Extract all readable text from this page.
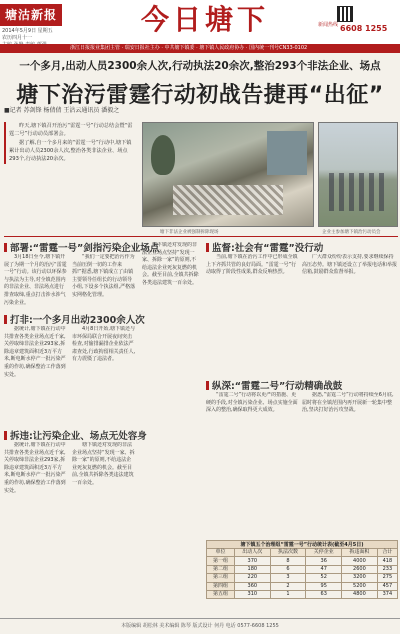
塘沽新报
2014年5月9日 星期五
农历四月十一
今日塘下	新闻热线 6608 1255
浙江日报报业集团主管 · 瑞安日报社主办 · 中共塘下镇委 · 塘下镇人民政府协办 · 国内统一刊号CN33-0102
一个多月,出动人员2300余人次,行动执法20余次,整治293个非法企业、场点
塘下治污雷霆行动初战告捷再“出征”
■记者 苏剑锋 杨倩倩 王沾云通讯员 潘毅之

昨天,塘下镇召开治污“雷霆一号”行动总结会暨“雷霆二号”行动动员部署会。

据了解,自一个多月来的“雷霆一号”行动中,塘下镇累计出动人员2300余人次,整治各类非法企业、场点293个,行动执法20余次。

塘下非法企业被强制拆除现场	企业主参加塘下镇治污动员会
部署:“雷霆一号”剑指污染企业场点

3月18日至今,塘下镇开展了为期一个月的治污“雷霆一号”行动。该行动以环保参与执法为主导,对全镇范围内的非法企业、非法场点进行排查取缔,重点打击涉水涉气污染企业。

“我们一定要把治污作为当前压倒一切的工作来抓!”据悉,塘下镇成立了由镇主要领导任组长的行动领导小组,下设多个执法组,严格落实网格化管理。

打非:一个多月出动2300余人次

据统计,塘下镇在行动中共排查各类企业场点近千家,关停取缔非法企业293家,拆除违章建筑面积近3万平方米,断电断水停产一批污染严重的作坊,确保整治工作落到实处。

4月8日开始,塘下镇还与市环保局联合开展夜间突击检查,对偷排漏排企业依法严肃查处,行政拘留相关责任人,有力震慑了违法者。

塘下镇还对发现的非法企业场点坚持“发现一家、拆除一家”的原则,不给违法企业死灰复燃的机会。截至目前,全镇共拆除各类违法建筑一百余处。

拆违:让污染企业、场点无处容身

据统计,塘下镇在行动中共排查各类企业场点近千家,关停取缔非法企业293家,拆除违章建筑面积近3万平方米,断电断水停产一批污染严重的作坊,确保整治工作落到实处。

塘下镇还对发现的非法企业场点坚持“发现一家、拆除一家”的原则,不给违法企业死灰复燃的机会。截至目前,全镇共拆除各类违法建筑一百余处。

监督:社会有“雷霆”没行动

当前,塘下镇在治污工作中已形成全镇上下齐抓共管的良好局面。“雷霆一号”行动取得了阶段性成果,群众反响热烈。

广大群众纷纷表示支持,要求继续保持高压态势。塘下镇还设立了举报电话和举报信箱,鼓励群众监督举报。

纵深:“雷霆二号”行动精确战鼓

“雷霆二号”行动将以更严的措施、更硬的手段,对全镇污染企业、场点实施全面深入的整治,确保取得更大成效。

据悉,“雷霆二号”行动将持续至6月底,届时将在全镇范围内再开展新一轮集中整治,坚决打好治污攻坚战。

塘下镇五个治理组“雷霆一号”行动统计表(截至4月5日)
单位	出动人次	执法次数	关停企业	拆违面积	合计
第一组	370	8	36	4000	418
第二组	180	6	47	2600	233
第三组	220	3	52	3200	275
第四组	360	2	95	5200	457
第五组	310	1	63	4800	374
本版编辑 胡松林 美术编辑 陈琴 版式设计 何丹 电话 0577-6608 1255
